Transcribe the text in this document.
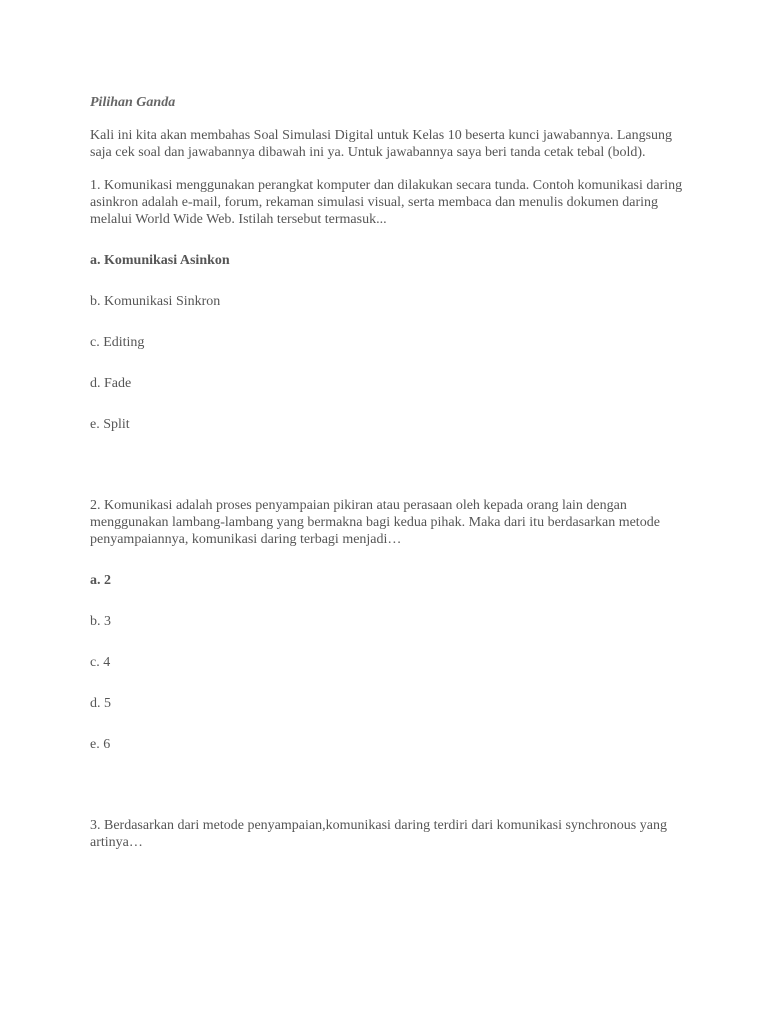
Pilihan Ganda

Kali ini kita akan membahas Soal Simulasi Digital untuk Kelas 10 beserta kunci jawabannya. Langsung saja cek soal dan jawabannya dibawah ini ya. Untuk jawabannya saya beri tanda cetak tebal (bold).

1. Komunikasi menggunakan perangkat komputer dan dilakukan secara tunda. Contoh komunikasi daring asinkron adalah e-mail, forum, rekaman simulasi visual, serta membaca dan menulis dokumen daring melalui World Wide Web. Istilah tersebut termasuk...

a. Komunikasi Asinkon

b. Komunikasi Sinkron

c. Editing

d. Fade

e. Split

2. Komunikasi adalah proses penyampaian pikiran atau perasaan oleh kepada orang lain dengan menggunakan lambang-lambang yang bermakna bagi kedua pihak. Maka dari itu berdasarkan metode penyampaiannya, komunikasi daring terbagi menjadi…

a. 2

b. 3

c. 4

d. 5

e. 6

3. Berdasarkan dari metode penyampaian,komunikasi daring terdiri dari komunikasi synchronous yang artinya…
